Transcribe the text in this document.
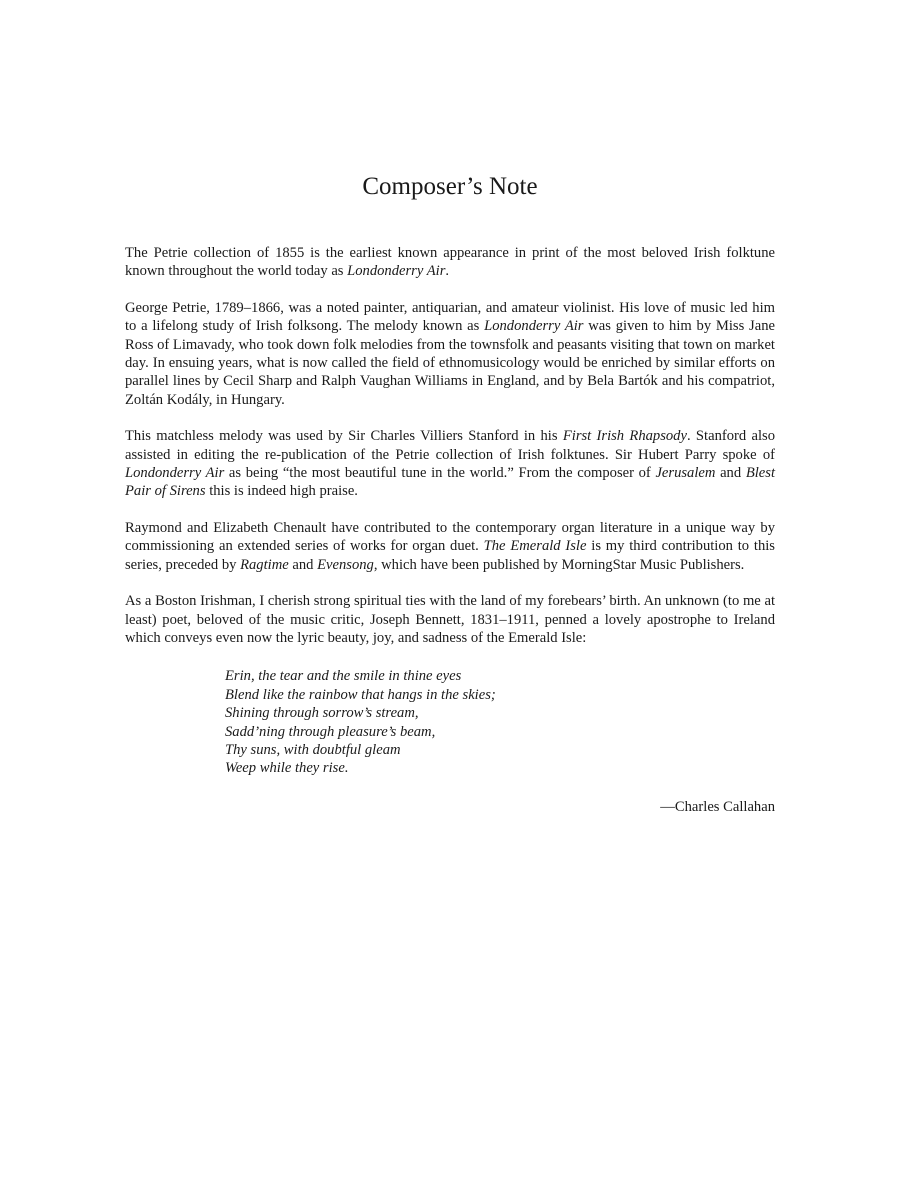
Composer’s Note

The Petrie collection of 1855 is the earliest known appearance in print of the most beloved Irish folktune known throughout the world today as Londonderry Air.

George Petrie, 1789–1866, was a noted painter, antiquarian, and amateur violinist. His love of music led him to a lifelong study of Irish folksong. The melody known as Londonderry Air was given to him by Miss Jane Ross of Limavady, who took down folk melodies from the townsfolk and peasants visiting that town on market day. In ensuing years, what is now called the field of ethnomusicology would be enriched by similar efforts on parallel lines by Cecil Sharp and Ralph Vaughan Williams in England, and by Bela Bartók and his compatriot, Zoltán Kodály, in Hungary.

This matchless melody was used by Sir Charles Villiers Stanford in his First Irish Rhapsody. Stanford also assisted in editing the re-publication of the Petrie collection of Irish folktunes. Sir Hubert Parry spoke of Londonderry Air as being “the most beautiful tune in the world.” From the composer of Jerusalem and Blest Pair of Sirens this is indeed high praise.

Raymond and Elizabeth Chenault have contributed to the contemporary organ literature in a unique way by commissioning an extended series of works for organ duet. The Emerald Isle is my third contribution to this series, preceded by Ragtime and Evensong, which have been published by MorningStar Music Publishers.

As a Boston Irishman, I cherish strong spiritual ties with the land of my forebears’ birth. An unknown (to me at least) poet, beloved of the music critic, Joseph Bennett, 1831–1911, penned a lovely apostrophe to Ireland which conveys even now the lyric beauty, joy, and sadness of the Emerald Isle:

Erin, the tear and the smile in thine eyes
Blend like the rainbow that hangs in the skies;
Shining through sorrow’s stream,
Sadd’ning through pleasure’s beam,
Thy suns, with doubtful gleam
Weep while they rise.
—Charles Callahan
